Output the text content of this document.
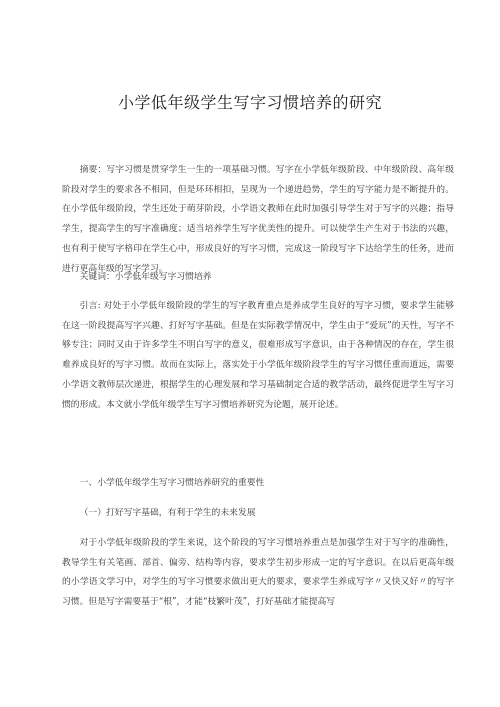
小学低年级学生写字习惯培养的研究

摘要：写字习惯是贯穿学生一生的一项基础习惯。写字在小学低年级阶段、中年级阶段、高年级阶段对学生的要求各不相同，但是环环相扣，呈现为一个递进趋势，学生的写字能力是不断提升的。在小学低年级阶段，学生还处于萌芽阶段，小学语文教师在此时加强引导学生对于写字的兴趣；指导学生，提高学生的写字准确度；适当培养学生写字优美性的提升。可以使学生产生对于书法的兴趣，也有利于使写字格印在学生心中，形成良好的写字习惯，完成这一阶段写字下达给学生的任务，进而进行更高年级的写字学习。

关键词：小学低年级写字习惯培养

引言: 对处于小学低年级阶段的学生的写字教育重点是养成学生良好的写字习惯，要求学生能够在这一阶段提高写字兴趣、打好写字基础。但是在实际教学情况中，学生由于“爱玩”的天性，写字不够专注；同时又由于许多学生不明白写字的意义，很难形成写字意识，由于各种情况的存在，学生很难养成良好的写字习惯。故而在实际上，落实处于小学低年级阶段学生的写字习惯任重而道远，需要小学语文教师层次递进，根据学生的心理发展和学习基础制定合适的教学活动，最终促进学生写字习惯的形成。本文就小学低年级学生写字习惯培养研究为论题，展开论述。

一、小学低年级学生写字习惯培养研究的重要性

（一）打好写字基础，有利于学生的未来发展

对于小学低年级阶段的学生来说，这个阶段的写字习惯培养重点是加强学生对于写字的准确性，教导学生有关笔画、部首、偏旁、结构等内容，要求学生初步形成一定的写字意识。在以后更高年级的小学语文学习中，对学生的写字习惯要求做出更大的要求，要求学生养成写字〃又快又好〃的写字习惯。但是写字需要基于“根”，才能“枝繁叶茂”，打好基础才能提高写
